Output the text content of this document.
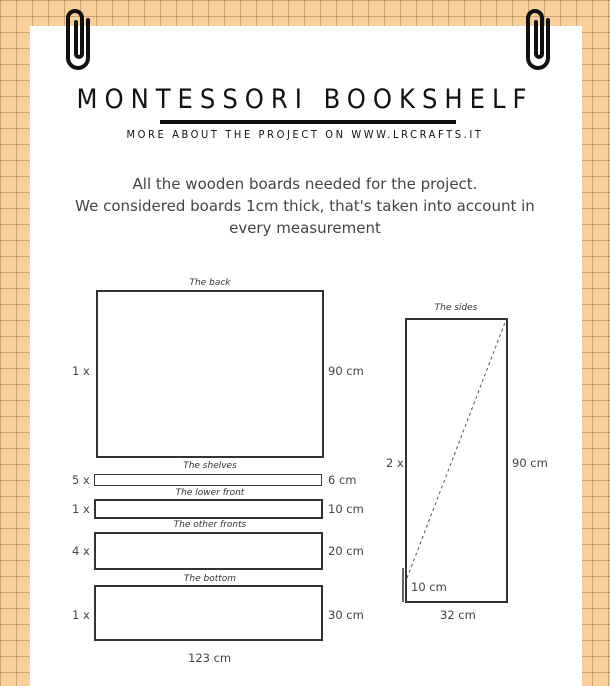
MONTESSORI BOOKSHELF
MORE ABOUT THE PROJECT ON WWW.LRCRAFTS.IT
All the wooden boards needed for the project.
We considered boards 1cm thick, that's taken into account in
every measurement
The back
1 x	90 cm
The shelves
5 x	6 cm
The lower front
1 x	10 cm
The other fronts
4 x	20 cm
The bottom
1 x	30 cm
123 cm
The sides
2 x	90 cm
10 cm
32 cm
